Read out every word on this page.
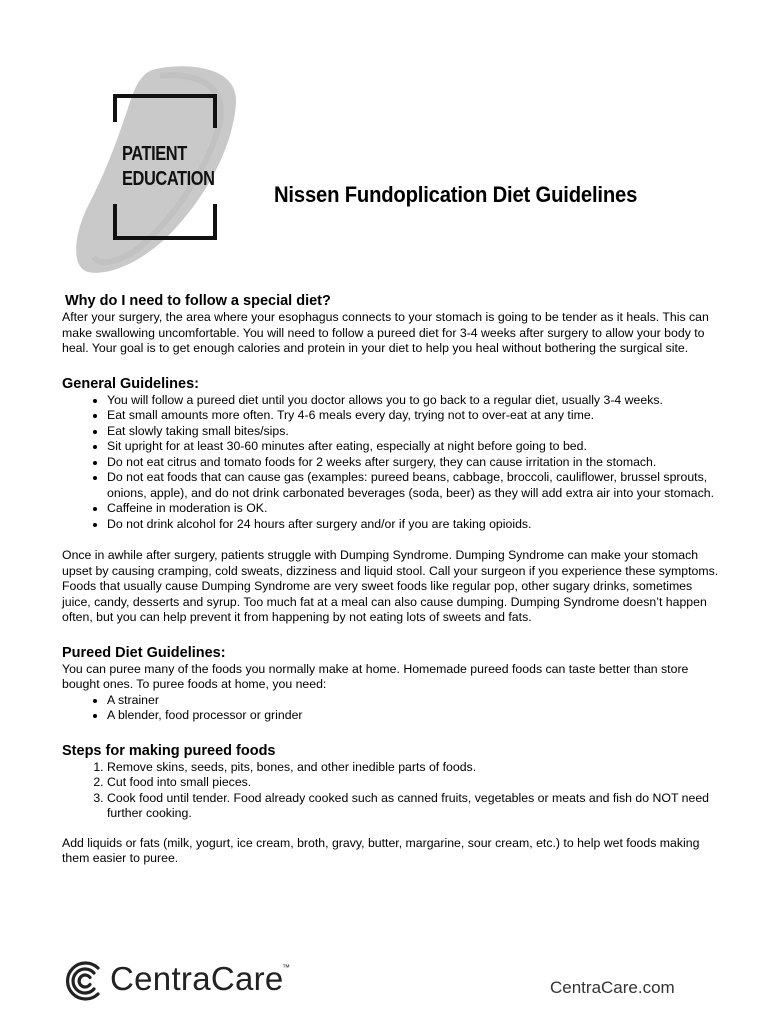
PATIENT
EDUCATION
Nissen Fundoplication Diet Guidelines
Why do I need to follow a special diet?

After your surgery, the area where your esophagus connects to your stomach is going to be tender as it heals. This can make swallowing uncomfortable. You will need to follow a pureed diet for 3-4 weeks after surgery to allow your body to heal. Your goal is to get enough calories and protein in your diet to help you heal without bothering the surgical site.

General Guidelines:
• You will follow a pureed diet until you doctor allows you to go back to a regular diet, usually 3-4 weeks.
• Eat small amounts more often. Try 4-6 meals every day, trying not to over-eat at any time.
• Eat slowly taking small bites/sips.
• Sit upright for at least 30-60 minutes after eating, especially at night before going to bed.
• Do not eat citrus and tomato foods for 2 weeks after surgery, they can cause irritation in the stomach.
• Do not eat foods that can cause gas (examples: pureed beans, cabbage, broccoli, cauliflower, brussel sprouts, onions, apple), and do not drink carbonated beverages (soda, beer) as they will add extra air into your stomach.
• Caffeine in moderation is OK.
• Do not drink alcohol for 24 hours after surgery and/or if you are taking opioids.

Once in awhile after surgery, patients struggle with Dumping Syndrome. Dumping Syndrome can make your stomach upset by causing cramping, cold sweats, dizziness and liquid stool. Call your surgeon if you experience these symptoms. Foods that usually cause Dumping Syndrome are very sweet foods like regular pop, other sugary drinks, sometimes juice, candy, desserts and syrup. Too much fat at a meal can also cause dumping. Dumping Syndrome doesn’t happen often, but you can help prevent it from happening by not eating lots of sweets and fats.

Pureed Diet Guidelines:

You can puree many of the foods you normally make at home. Homemade pureed foods can taste better than store bought ones. To puree foods at home, you need:

• A strainer
• A blender, food processor or grinder
Steps for making pureed foods
1. Remove skins, seeds, pits, bones, and other inedible parts of foods.
2. Cut food into small pieces.
3. Cook food until tender. Food already cooked such as canned fruits, vegetables or meats and fish do NOT need further cooking.

Add liquids or fats (milk, yogurt, ice cream, broth, gravy, butter, margarine, sour cream, etc.) to help wet foods making them easier to puree.

CentraCare
™
CentraCare.com
